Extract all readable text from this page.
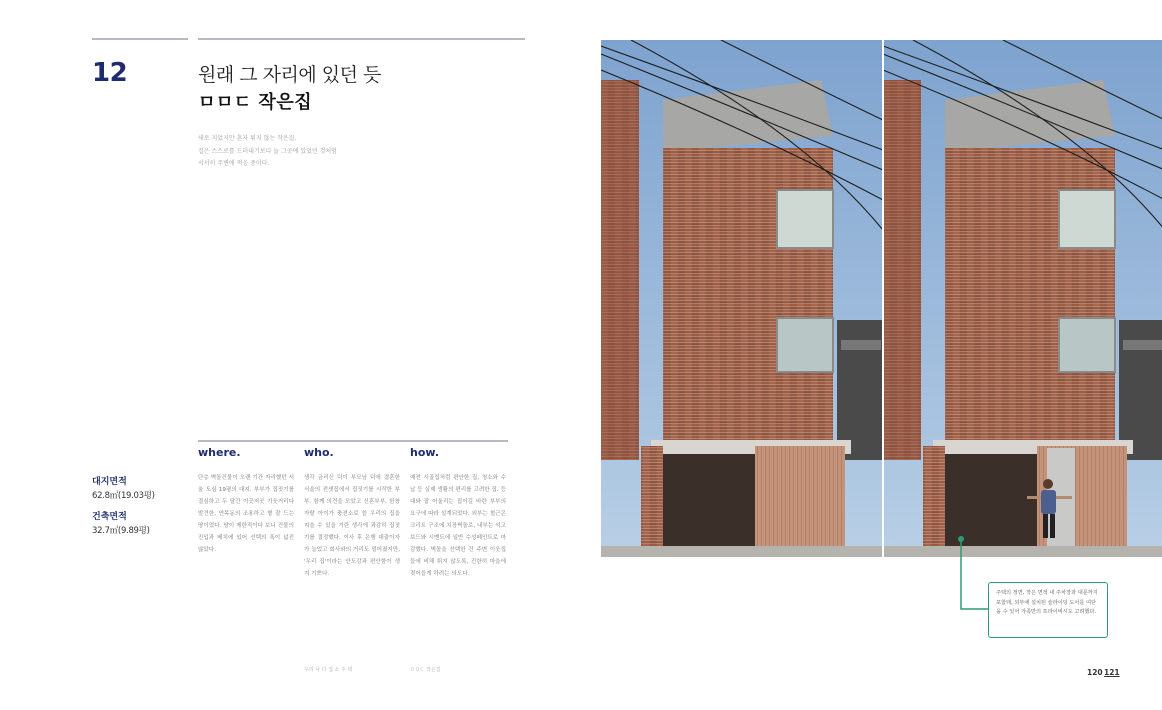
12	원래 그 자리에 있던 듯
ㅁㅁㄷ 작은집
새로 지었지만 혼자 튀지 않는 작은집.
집은 스스로를 드러내기보다 늘 그곳에 있었던 것처럼
서서히 주변에 적응 중이다.
대지면적
62.8㎡(19.03평)
건축면적
32.7㎡(9.89평)
where.	who.	how.
단층 벽돌건물이 오랜 기간 자리했던 서울 도심 19평의 대지. 부부가 집짓기를 결심하고 두 달간 이곳저곳 기웃거리다 발견한, 연목동의 조용하고 볕 잘 드는 땅이었다. 땅이 제한적이다 보니 건물의 진입과 배치에 있어 선택의 폭이 넓진 않았다.
생각 금리신 덕이 부모님 덕에 결혼한 서울의 전셋집에서 집짓기를 시작한 부부. 함께 의견을 모았고 신혼부부, 한창 자랄 아이가 충전소로 쓸 우리의 집을 지을 수 있을 거란 생각에 과감히 집짓기를 결정했다. 이사 후 은행 대출이자가 늘었고 회사와의 거리도 멀어졌지만, '우리 집'이라는 안도감과 편안함이 생겨 기쁘다.
예전 시골집처럼 편안한 집, 청소와 수납 등 실제 생활의 편리를 고려한 집. 등대와 잘 어울리는 집이길 바란 부부의 요구에 따라 설계되었다. 외부는 철근콘크리트 구조에 치장벽돌로, 내부는 석고보드와 시멘트에 일반 수성페인트로 마감했다. 벽돌을 선택한 건 주변 이웃집들에 비해 튀지 않도록, 진한히 마을에 젖어들게 하려는 의도다.
우리 나 다 집 소 주 택	ㅁㅁㄷ 작은집
주택의 정면, 작은 면적 내 주차장과 대문까지 포함돼, 외부에 설치된 슬라이딩 도어를 여닫을 수 있어 가족만의 프라이버시도 고려했다.
120 121
